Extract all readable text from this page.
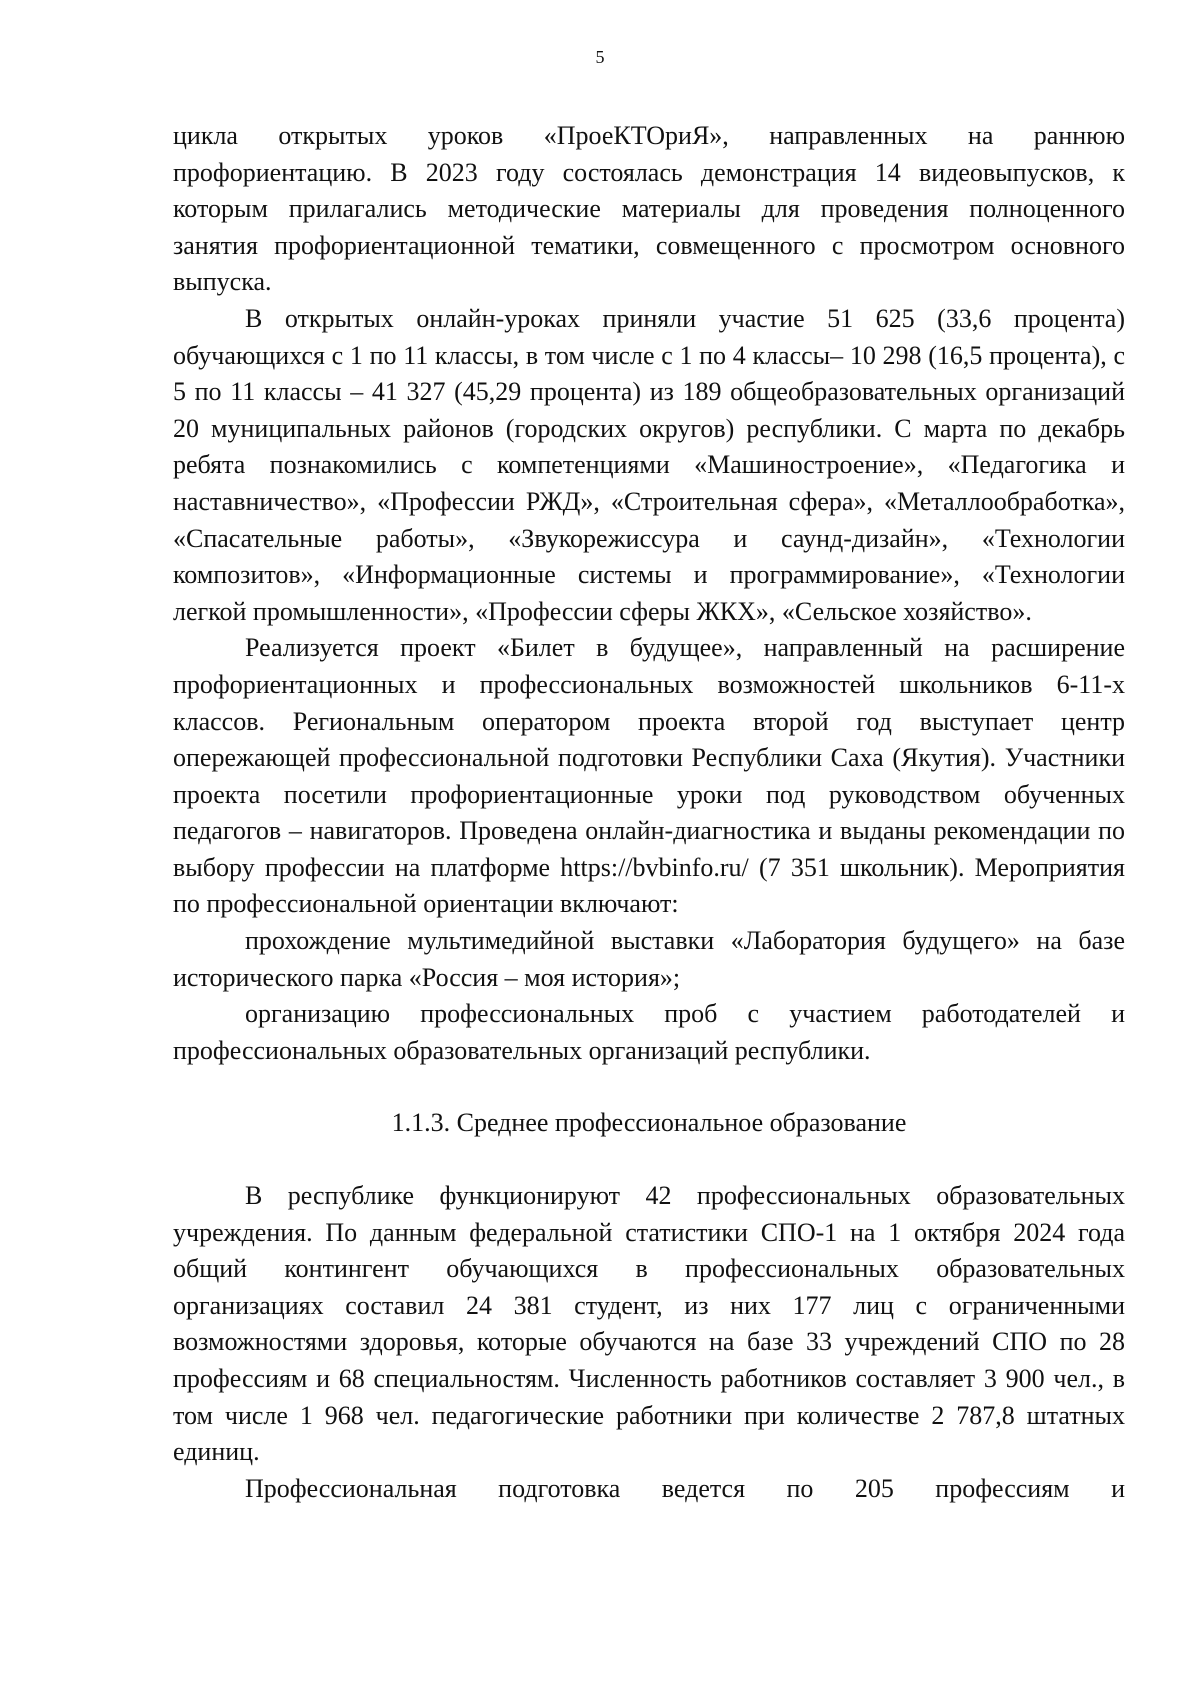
5

цикла открытых уроков «ПроеКТОриЯ», направленных на раннюю профориентацию. В 2023 году состоялась демонстрация 14 видеовыпусков, к которым прилагались методические материалы для проведения полноценного занятия профориентационной тематики, совмещенного с просмотром основного выпуска.

В открытых онлайн-уроках приняли участие 51 625 (33,6 процента) обучающихся с 1 по 11 классы, в том числе с 1 по 4 классы– 10 298 (16,5 процента), с 5 по 11 классы – 41 327 (45,29 процента) из 189 общеобразовательных организаций 20 муниципальных районов (городских округов) республики. С марта по декабрь ребята познакомились с компетенциями «Машиностроение», «Педагогика и наставничество», «Профессии РЖД», «Строительная сфера», «Металлообработка», «Спасательные работы», «Звукорежиссура и саунд-дизайн», «Технологии композитов», «Информационные системы и программирование», «Технологии легкой промышленности», «Профессии сферы ЖКХ», «Сельское хозяйство».

Реализуется проект «Билет в будущее», направленный на расширение профориентационных и профессиональных возможностей школьников 6-11-х классов. Региональным оператором проекта второй год выступает центр опережающей профессиональной подготовки Республики Саха (Якутия). Участники проекта посетили профориентационные уроки под руководством обученных педагогов – навигаторов. Проведена онлайн-диагностика и выданы рекомендации по выбору профессии на платформе https://bvbinfo.ru/ (7 351 школьник). Мероприятия по профессиональной ориентации включают:

прохождение мультимедийной выставки «Лаборатория будущего» на базе исторического парка «Россия – моя история»;

организацию профессиональных проб с участием работодателей и профессиональных образовательных организаций республики.

1.1.3. Среднее профессиональное образование

В республике функционируют 42 профессиональных образовательных учреждения. По данным федеральной статистики СПО-1 на 1 октября 2024 года общий контингент обучающихся в профессиональных образовательных организациях составил 24 381 студент, из них 177 лиц с ограниченными возможностями здоровья, которые обучаются на базе 33 учреждений СПО по 28 профессиям и 68 специальностям. Численность работников составляет 3 900 чел., в том числе 1 968 чел. педагогические работники при количестве 2 787,8 штатных единиц.

Профессиональная подготовка ведется по 205 профессиям и
